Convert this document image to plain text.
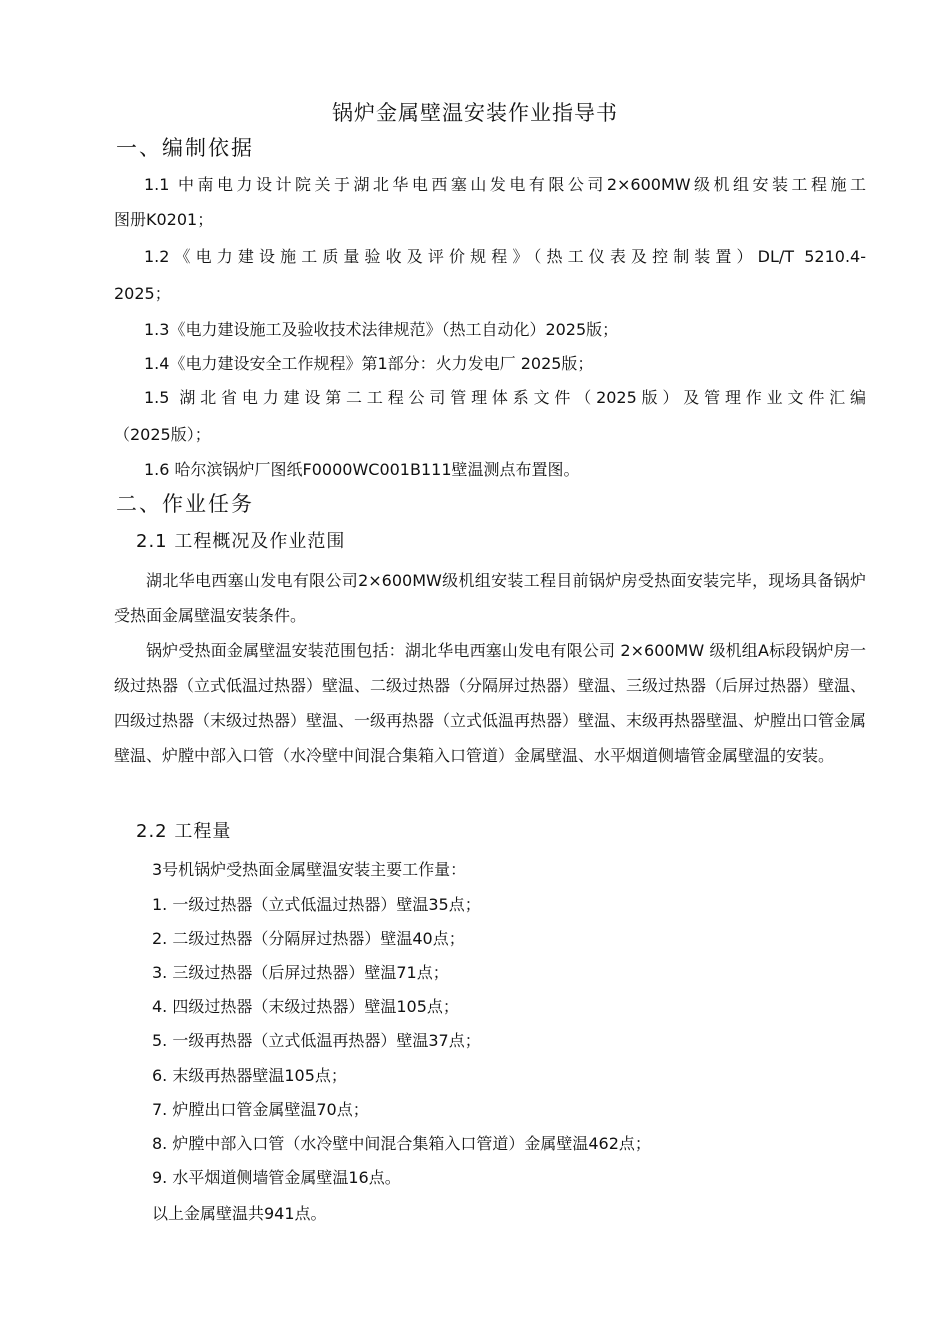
锅炉金属壁温安装作业指导书
一、编制依据
1.1 中南电力设计院关于湖北华电西塞山发电有限公司2×600MW级机组安装工程施工
图册K0201；
1.2《电力建设施工质量验收及评价规程》（热工仪表及控制装置）DL/T 5210.4-
2025；
1.3《电力建设施工及验收技术法律规范》（热工自动化）2025版；
1.4《电力建设安全工作规程》第1部分：火力发电厂 2025版；
1.5 湖北省电力建设第二工程公司管理体系文件（2025版）及管理作业文件汇编
（2025版）；
1.6 哈尔滨锅炉厂图纸F0000WC001B111壁温测点布置图。
二、作业任务
2.1 工程概况及作业范围
湖北华电西塞山发电有限公司2×600MW级机组安装工程目前锅炉房受热面安装完毕，现场具备锅炉受热面金属壁温安装条件。
锅炉受热面金属壁温安装范围包括：湖北华电西塞山发电有限公司 2×600MW 级机组A标段锅炉房一级过热器（立式低温过热器）壁温、二级过热器（分隔屏过热器）壁温、三级过热器（后屏过热器）壁温、四级过热器（末级过热器）壁温、一级再热器（立式低温再热器）壁温、末级再热器壁温、炉膛出口管金属壁温、炉膛中部入口管（水冷壁中间混合集箱入口管道）金属壁温、水平烟道侧墙管金属壁温的安装。
2.2 工程量
3号机锅炉受热面金属壁温安装主要工作量：
1. 一级过热器（立式低温过热器）壁温35点；
2. 二级过热器（分隔屏过热器）壁温40点；
3. 三级过热器（后屏过热器）壁温71点；
4. 四级过热器（末级过热器）壁温105点；
5. 一级再热器（立式低温再热器）壁温37点；
6. 末级再热器壁温105点；
7. 炉膛出口管金属壁温70点；
8. 炉膛中部入口管（水冷壁中间混合集箱入口管道）金属壁温462点；
9. 水平烟道侧墙管金属壁温16点。
以上金属壁温共941点。
